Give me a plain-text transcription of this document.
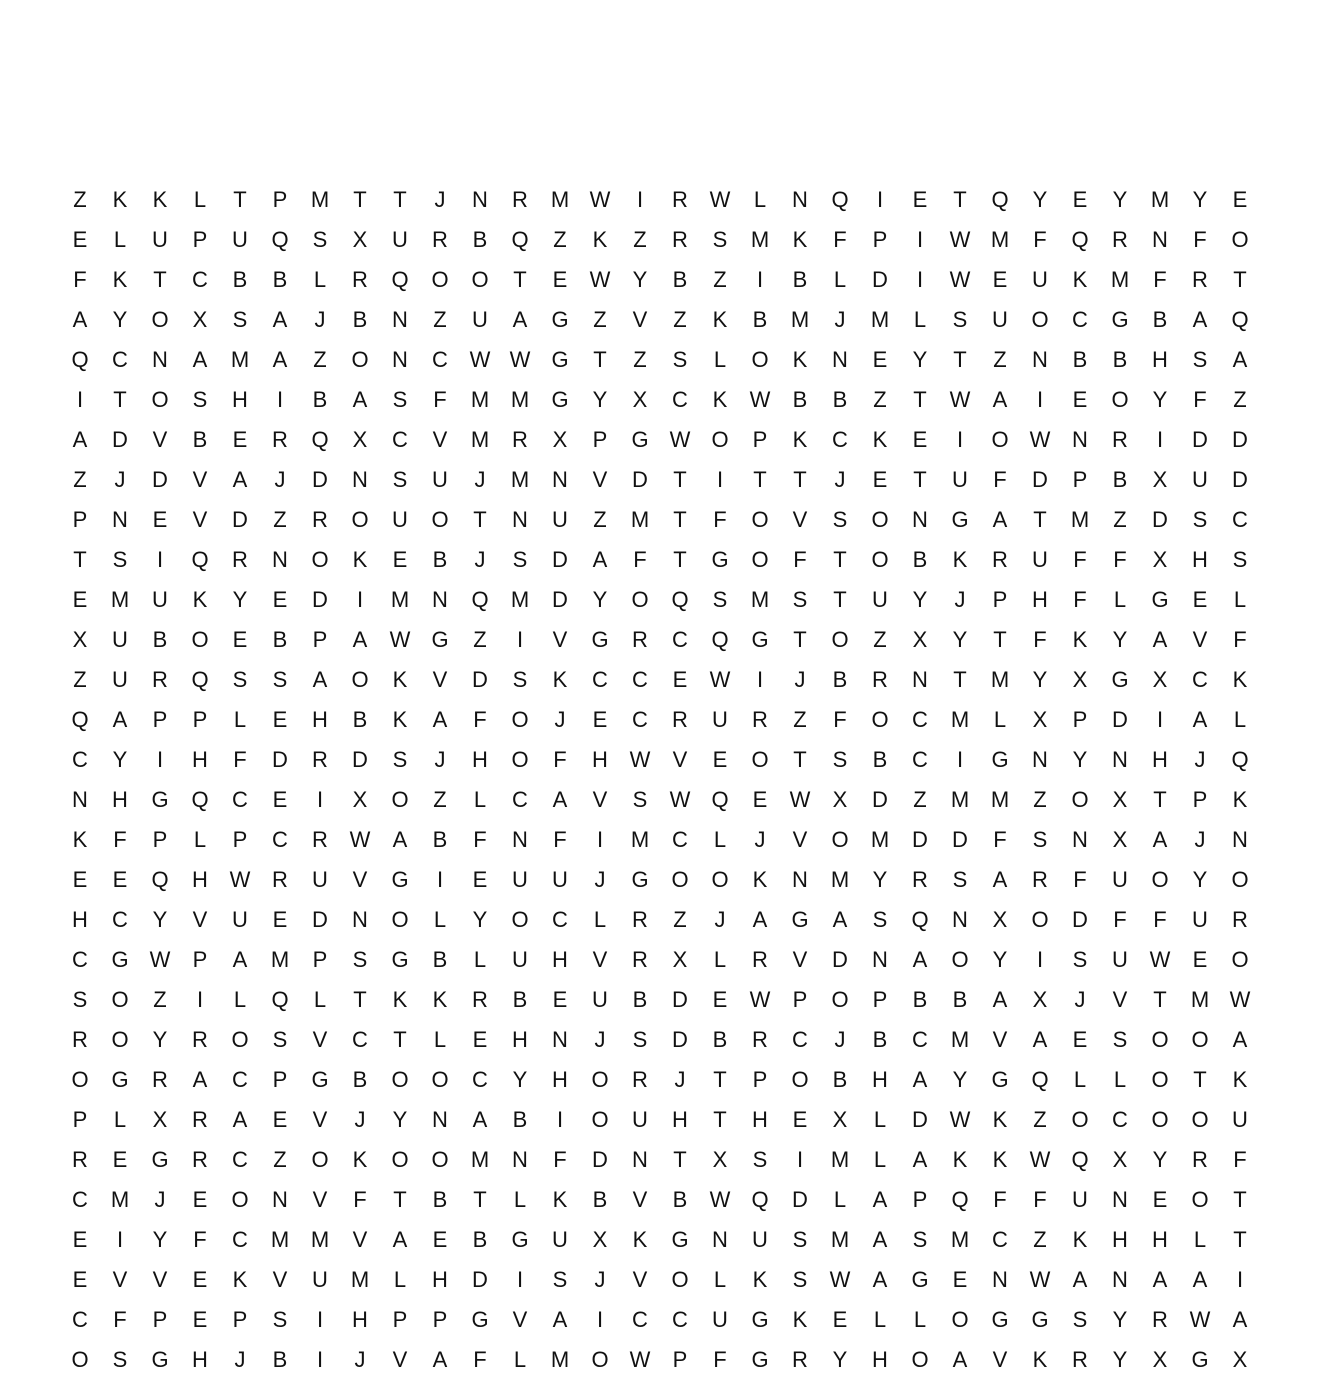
Z	K	K	L	T	P	M	T	T	J	N	R	M W	I	R W	L	N	Q	I	E	T	Q	Y	E	Y	M	Y	E
E	L	U	P	U	Q	S	X	U	R	B	Q	Z	K	Z	R	S	M	K	F	P	I	W M	F	Q	R	N	F	O
F	K	T	C	B	B	L	R	Q	O	O	T	E	W	Y	B	Z	I	B	L	D	I	W	E	U	K	M	F	R	T
A	Y	O	X	S	A	J	B	N	Z	U	A	G	Z	V	Z	K	B	M	J	M	L	S	U	O	C	G	B	A	Q
Q	C	N	A	M	A	Z	O	N	C W W G	T	Z	S	L	O	K	N	E	Y	T	Z	N	B	B	H	S	A
I	T	O	S	H	I	B	A	S	F	M M	G	Y	X	C	K	W	B	B	Z	T	W	A	I	E	O	Y	F	Z
A	D	V	B	E	R	Q	X	C	V	M	R	X	P	G W O	P	K	C	K	E	I	O W N	R	I	D	D
Z	J	D	V	A	J	D	N	S	U	J	M	N	V	D	T	I	T	T	J	E	T	U	F	D	P	B	X	U	D
P	N	E	V	D	Z	R	O	U	O	T	N	U	Z	M	T	F	O	V	S	O	N	G	A	T	M	Z	D	S	C
T	S	I	Q	R	N	O	K	E	B	J	S	D	A	F	T	G	O	F	T	O	B	K	R	U	F	F	X	H	S
E	M	U	K	Y	E	D	I	M	N	Q	M	D	Y	O	Q	S	M	S	T	U	Y	J	P	H	F	L	G	E	L
X	U	B	O	E	B	P	A	W G	Z	I	V	G	R	C	Q	G	T	O	Z	X	Y	T	F	K	Y	A	V	F
Z	U	R	Q	S	S	A	O	K	V	D	S	K	C	C	E	W	I	J	B	R	N	T	M	Y	X	G	X	C	K
Q	A	P	P	L	E	H	B	K	A	F	O	J	E	C	R	U	R	Z	F	O	C	M	L	X	P	D	I	A	L
C	Y	I	H	F	D	R	D	S	J	H	O	F	H W	V	E	O	T	S	B	C	I	G	N	Y	N	H	J	Q
N	H	G	Q	C	E	I	X	O	Z	L	C	A	V	S	W Q	E	W	X	D	Z	M M	Z	O	X	T	P	K
K	F	P	L	P	C	R W	A	B	F	N	F	I	M	C	L	J	V	O	M	D	D	F	S	N	X	A	J	N
E	E	Q	H W R	U	V	G	I	E	U	U	J	G	O	O	K	N	M	Y	R	S	A	R	F	U	O	Y	O
H	C	Y	V	U	E	D	N	O	L	Y	O	C	L	R	Z	J	A	G	A	S	Q	N	X	O	D	F	F	U	R
C	G W	P	A	M	P	S	G	B	L	U	H	V	R	X	L	R	V	D	N	A	O	Y	I	S	U W	E	O
S	O	Z	I	L	Q	L	T	K	K	R	B	E	U	B	D	E	W	P	O	P	B	B	A	X	J	V	T	M W
R	O	Y	R	O	S	V	C	T	L	E	H	N	J	S	D	B	R	C	J	B	C	M	V	A	E	S	O	O	A
O	G	R	A	C	P	G	B	O	O	C	Y	H	O	R	J	T	P	O	B	H	A	Y	G	Q	L	L	O	T	K
P	L	X	R	A	E	V	J	Y	N	A	B	I	O	U	H	T	H	E	X	L	D W	K	Z	O	C	O	O	U
R	E	G	R	C	Z	O	K	O	O	M	N	F	D	N	T	X	S	I	M	L	A	K	K	W Q	X	Y	R	F
C	M	J	E	O	N	V	F	T	B	T	L	K	B	V	B	W Q	D	L	A	P	Q	F	F	U	N	E	O	T
E	I	Y	F	C	M M	V	A	E	B	G	U	X	K	G	N	U	S	M	A	S	M	C	Z	K	H	H	L	T
E	V	V	E	K	V	U	M	L	H	D	I	S	J	V	O	L	K	S	W	A	G	E	N W	A	N	A	A	I
C	F	P	E	P	S	I	H	P	P	G	V	A	I	C	C	U	G	K	E	L	L	O	G	G	S	Y	R W	A
O	S	G	H	J	B	I	J	V	A	F	L	M	O W	P	F	G	R	Y	H	O	A	V	K	R	Y	X	G	X
